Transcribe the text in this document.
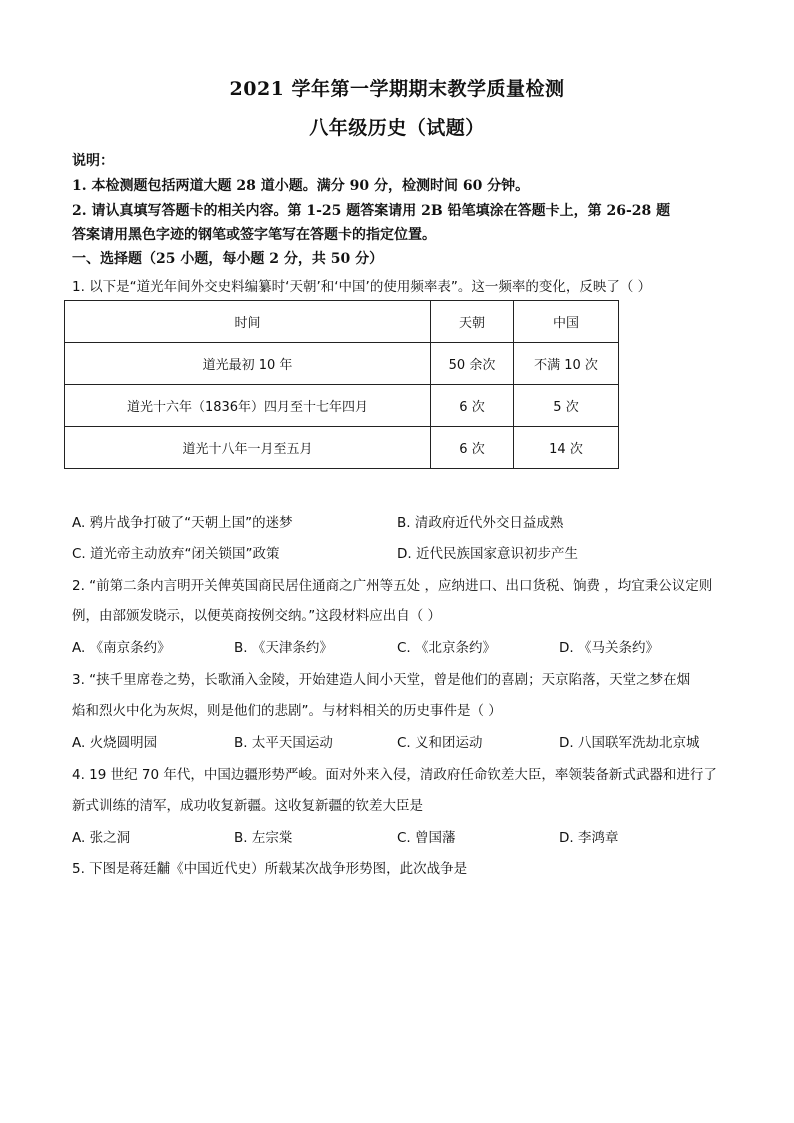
2021 学年第一学期期末教学质量检测
八年级历史（试题）
说明：
1. 本检测题包括两道大题 28 道小题。满分 90 分，检测时间 60 分钟。
2. 请认真填写答题卡的相关内容。第 1-25 题答案请用 2B 铅笔填涂在答题卡上，第 26-28 题
答案请用黑色字迹的钢笔或签字笔写在答题卡的指定位置。
一、选择题（25 小题，每小题 2 分，共 50 分）
1. 以下是“道光年间外交史料编纂时‘天朝’和‘中国’的使用频率表”。这一频率的变化，反映了（ ）
时间	天朝	中国
道光最初 10 年	50 余次	不满 10 次
道光十六年（1836年）四月至十七年四月	6 次	5 次
道光十八年一月至五月	6 次	14 次
A. 鸦片战争打破了“天朝上国”的迷梦	B. 清政府近代外交日益成熟
C. 道光帝主动放弃“闭关锁国”政策	D. 近代民族国家意识初步产生
2. “前第二条内言明开关俾英国商民居住通商之广州等五处 ，应纳进口、出口货税、饷费 ，均宜秉公议定则
例，由部颁发晓示，以便英商按例交纳。”这段材料应出自（ ）
A. 《南京条约》	B. 《天津条约》	C. 《北京条约》	D. 《马关条约》
3. “挟千里席卷之势，长歌涌入金陵，开始建造人间小天堂，曾是他们的喜剧；天京陷落，天堂之梦在烟
焰和烈火中化为灰烬，则是他们的悲剧”。与材料相关的历史事件是（ ）
A. 火烧圆明园	B. 太平天国运动	C. 义和团运动	D. 八国联军洗劫北京城
4. 19 世纪 70 年代，中国边疆形势严峻。面对外来入侵，清政府任命钦差大臣，率领装备新式武器和进行了
新式训练的清军，成功收复新疆。这收复新疆的钦差大臣是
A. 张之洞	B. 左宗棠	C. 曾国藩	D. 李鸿章
5. 下图是蒋廷黼《中国近代史）所载某次战争形势图，此次战争是
